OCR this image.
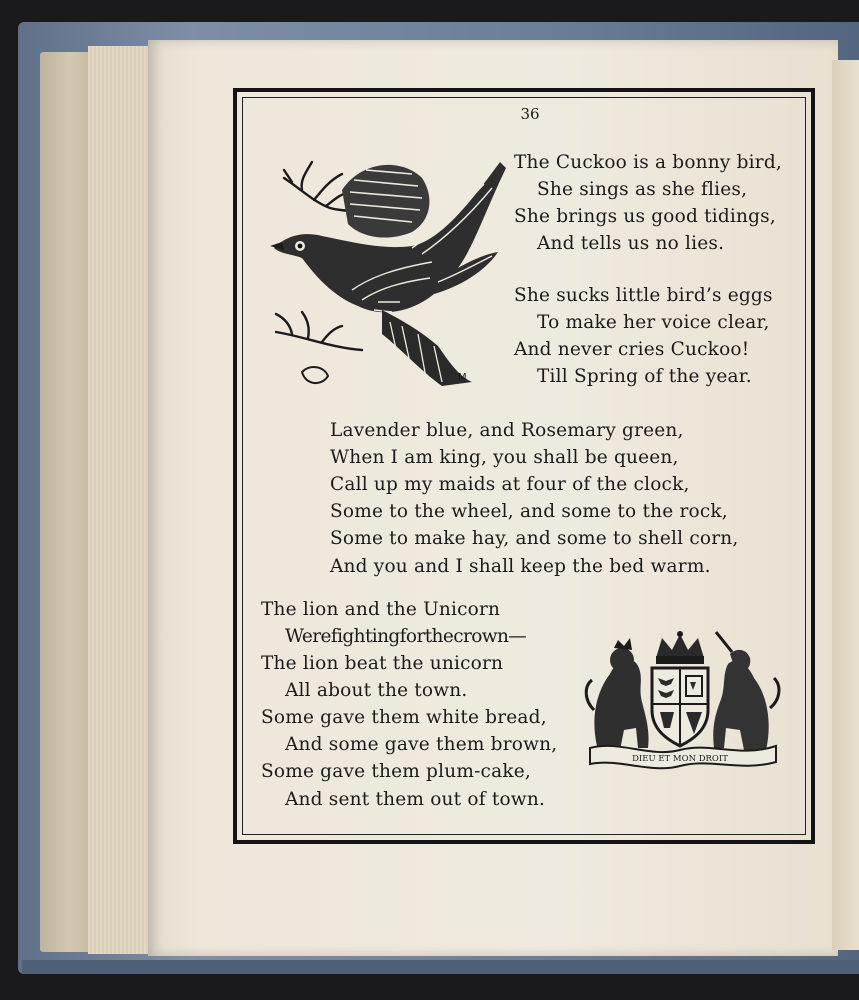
36
M
The Cuckoo is a bonny bird,
She sings as she flies,
She brings us good tidings,
And tells us no lies.
She sucks little bird’s eggs
To make her voice clear,
And never cries Cuckoo!
Till Spring of the year.
Lavender blue, and Rosemary green,
When I am king, you shall be queen,
Call up my maids at four of the clock,
Some to the wheel, and some to the rock,
Some to make hay, and some to shell corn,
And you and I shall keep the bed warm.
The lion and the Unicorn
Werefightingforthecrown—
The lion beat the unicorn
All about the town.
Some gave them white bread,
And some gave them brown,
Some gave them plum-cake,
And sent them out of town.
DIEU ET MON DROIT
